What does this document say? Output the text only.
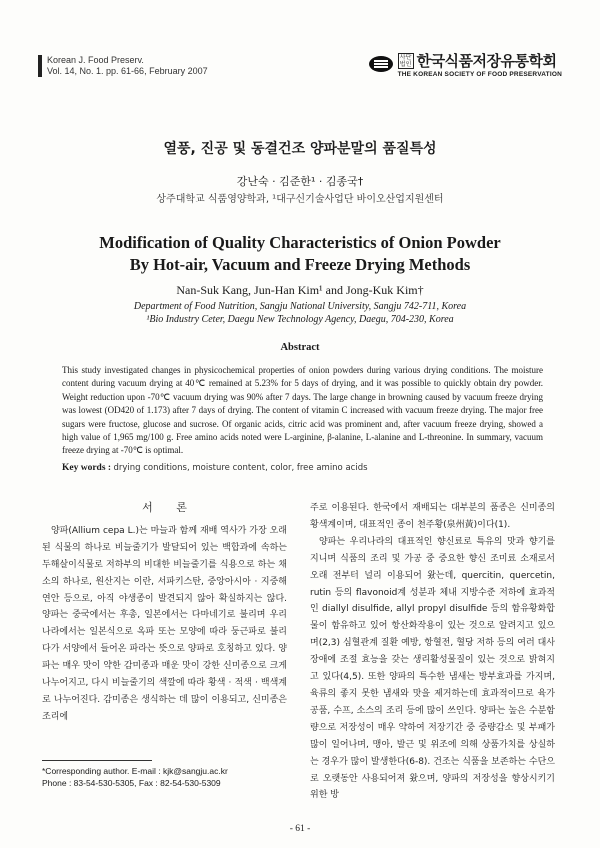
Korean J. Food Preserv.
Vol. 14, No. 1. pp. 61-66, February 2007
사단 법인 한국식품저장유통학회
THE KOREAN SOCIETY OF FOOD PRESERVATION
열풍, 진공 및 동결건조 양파분말의 품질특성
강난숙 · 김준한¹ · 김종국†
상주대학교 식품영양학과, ¹대구신기술사업단 바이오산업지원센터
Modification of Quality Characteristics of Onion Powder
By Hot-air, Vacuum and Freeze Drying Methods
Nan-Suk Kang, Jun-Han Kim¹ and Jong-Kuk Kim†
Department of Food Nutrition, Sangju National University, Sangju 742-711, Korea
¹Bio Industry Ceter, Daegu New Technology Agency, Daegu, 704-230, Korea
Abstract
This study investigated changes in physicochemical properties of onion powders during various drying conditions. The moisture content during vacuum drying at 40℃ remained at 5.23% for 5 days of drying, and it was possible to quickly obtain dry powder. Weight reduction upon -70℃ vacuum drying was 90% after 7 days. The large change in browning caused by vacuum freeze drying was lowest (OD420 of 1.173) after 7 days of drying. The content of vitamin C increased with vacuum freeze drying. The major free sugars were fructose, glucose and sucrose. Of organic acids, citric acid was prominent and, after vacuum freeze drying, showed a high value of 1,965 mg/100 g. Free amino acids noted were L-arginine, β-alanine, L-alanine and L-threonine. In summary, vacuum freeze drying at -70℃ is optimal.
Key words : drying conditions, moisture content, color, free amino acids
서 론

양파(Allium cepa L.)는 마늘과 함께 재배 역사가 가장 오래된 식물의 하나로 비늘줄기가 발달되어 있는 백합과에 속하는 두해살이식물로 저하부의 비대한 비늘줄기를 식용으로 하는 채소의 하나로, 원산지는 이란, 서파키스탄, 중앙아시아 · 지중해연안 등으로, 아직 야생종이 발견되지 않아 확실하지는 않다. 양파는 중국에서는 후총, 일본에서는 다마네기로 불리며 우리나라에서는 일본식으로 옥파 또는 모양에 따라 둥근파로 불리다가 서양에서 들어온 파라는 뜻으로 양파로 호칭하고 있다. 양파는 매우 맛이 약한 감미종과 매운 맛이 강한 신미종으로 크게 나누어지고, 다시 비늘줄기의 색깔에 따라 황색 · 적색 · 백색계로 나누어진다. 감미종은 생식하는 데 많이 이용되고, 신미종은 조리에

주로 이용된다. 한국에서 재배되는 대부분의 품종은 신미종의 황색계이며, 대표적인 종이 천주황(泉州黃)이다(1).

양파는 우리나라의 대표적인 향신료로 특유의 맛과 향기를 지니며 식품의 조리 및 가공 중 중요한 향신 조미료 소재로서 오래 전부터 널리 이용되어 왔는데, quercitin, quercetin, rutin 등의 flavonoid계 성분과 체내 지방수준 저하에 효과적인 diallyl disulfide, allyl propyl disulfide 등의 함유황화합물이 함유하고 있어 항산화작용이 있는 것으로 알려지고 있으며(2,3) 심혈관계 질환 예방, 항혈전, 혈당 저하 등의 여러 대사 장애에 조절 효능을 갖는 생리활성물질이 있는 것으로 밝혀지고 있다(4,5). 또한 양파의 특수한 냄새는 방부효과를 가지며, 육류의 좋지 못한 냄새와 맛을 제거하는데 효과적이므로 육가공품, 수프, 소스의 조리 등에 많이 쓰인다. 양파는 높은 수분함량으로 저장성이 매우 약하여 저장기간 중 중량감소 및 부패가 많이 일어나며, 맹아, 발근 및 위조에 의해 상품가치를 상실하는 경우가 많이 발생한다(6-8). 건조는 식품을 보존하는 수단으로 오랫동안 사용되어져 왔으며, 양파의 저장성을 향상시키기 위한 방

*Corresponding author. E-mail : kjk@sangju.ac.kr
Phone : 83-54-530-5305, Fax : 82-54-530-5309
- 61 -
